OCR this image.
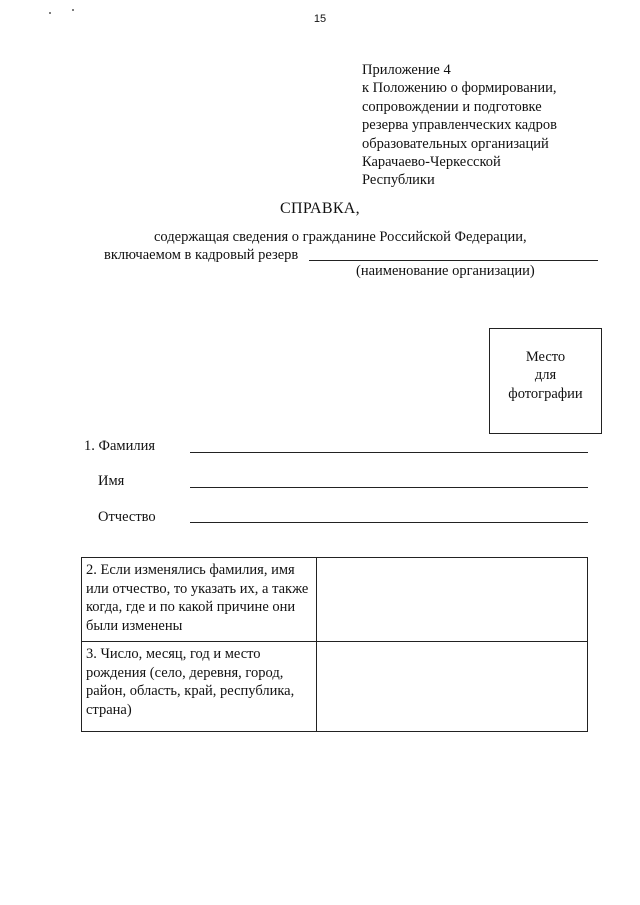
15
Приложение 4
к Положению о формировании,
сопровождении и подготовке
резерва управленческих кадров
образовательных организаций
Карачаево-Черкесской
Республики
СПРАВКА,
содержащая сведения о гражданине Российской Федерации,
включаемом в кадровый резерв
(наименование организации)
Место
для
фотографии
1. Фамилия
Имя
Отчество
2. Если изменялись фамилия, имя или отчество, то указать их, а также когда, где и по какой причине они были изменены	
3. Число, месяц, год и место рождения (село, деревня, город, район, область, край, республика, страна)	
